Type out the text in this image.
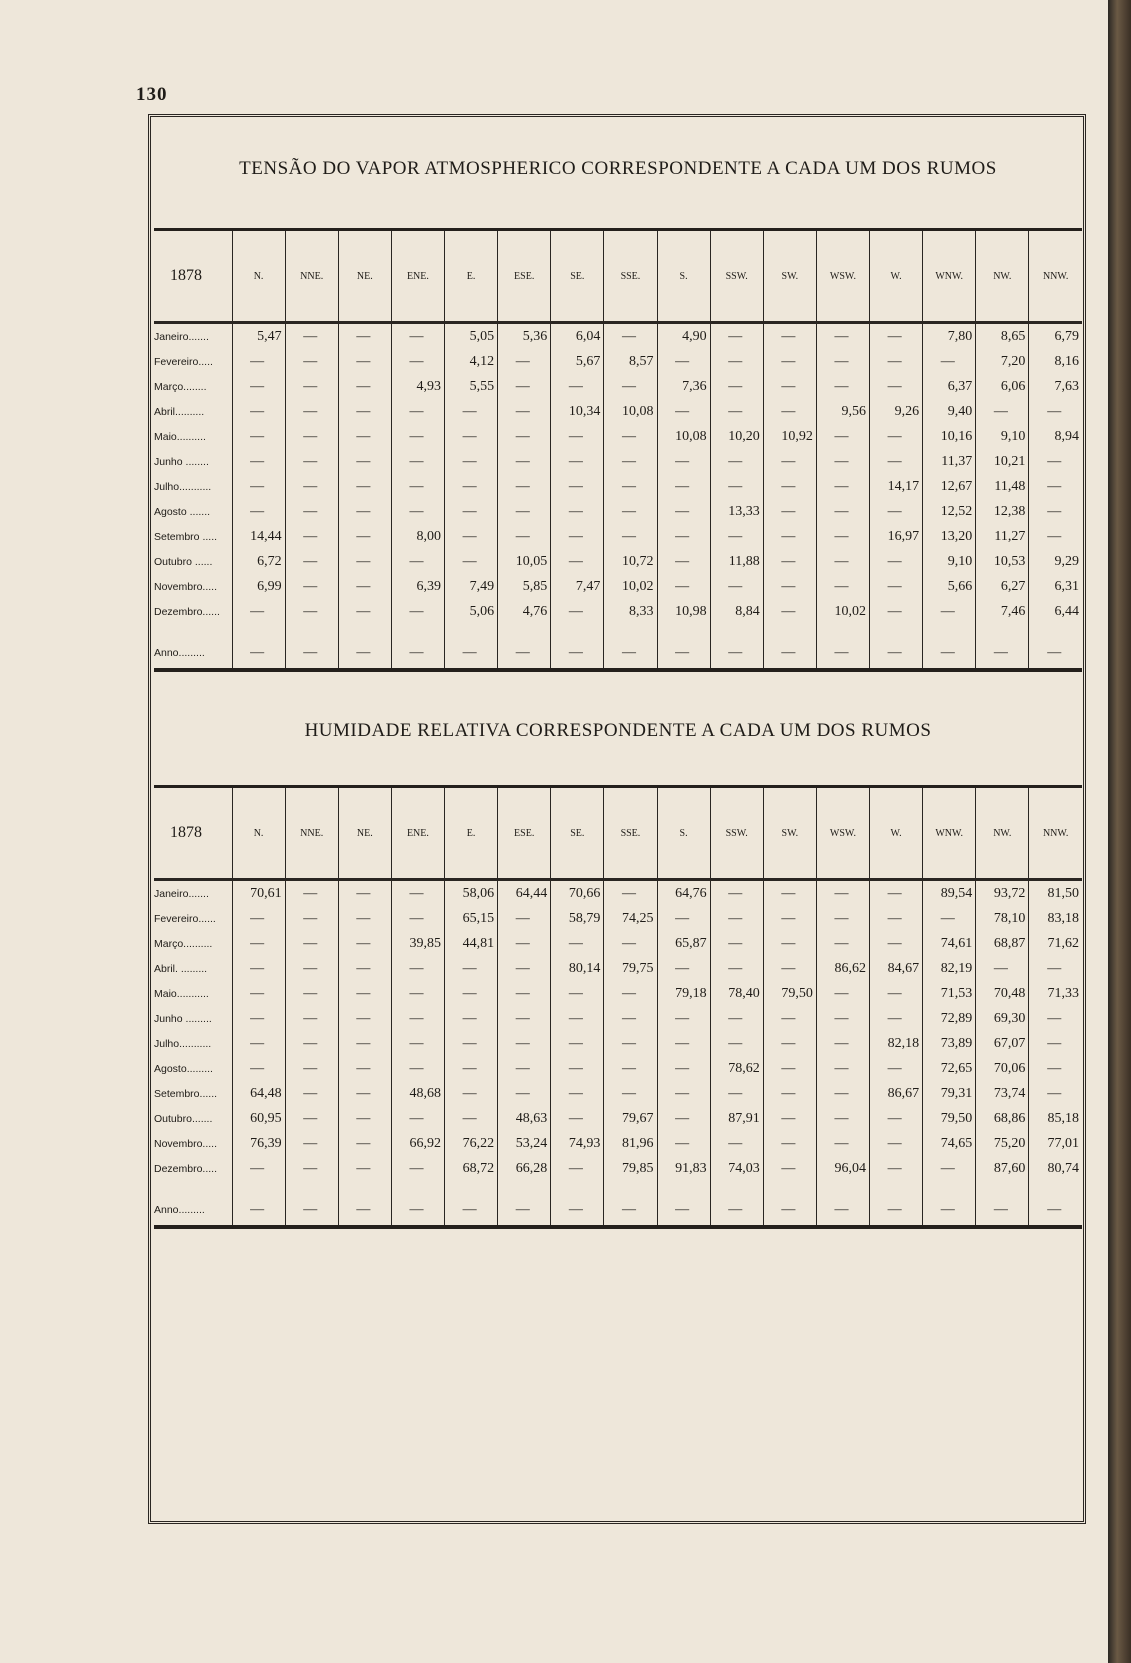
130
TENSÃO DO VAPOR ATMOSPHERICO CORRESPONDENTE A CADA UM DOS RUMOS
1878	N.	NNE.	NE.	ENE.	E.	ESE.	SE.	SSE.	S.	SSW.	SW.	WSW.	W.	WNW.	NW.	NNW.
Janeiro.......	5,47	—	—	—	5,05	5,36	6,04	—	4,90	—	—	—	—	7,80	8,65	6,79
Fevereiro.....	—	—	—	—	4,12	—	5,67	8,57	—	—	—	—	—	—	7,20	8,16
Março........	—	—	—	4,93	5,55	—	—	—	7,36	—	—	—	—	6,37	6,06	7,63
Abril..........	—	—	—	—	—	—	10,34	10,08	—	—	—	9,56	9,26	9,40	—	—
Maio..........	—	—	—	—	—	—	—	—	10,08	10,20	10,92	—	—	10,16	9,10	8,94
Junho ........	—	—	—	—	—	—	—	—	—	—	—	—	—	11,37	10,21	—
Julho...........	—	—	—	—	—	—	—	—	—	—	—	—	14,17	12,67	11,48	—
Agosto .......	—	—	—	—	—	—	—	—	—	13,33	—	—	—	12,52	12,38	—
Setembro .....	14,44	—	—	8,00	—	—	—	—	—	—	—	—	16,97	13,20	11,27	—
Outubro ......	6,72	—	—	—	—	10,05	—	10,72	—	11,88	—	—	—	9,10	10,53	9,29
Novembro.....	6,99	—	—	6,39	7,49	5,85	7,47	10,02	—	—	—	—	—	5,66	6,27	6,31
Dezembro......	—	—	—	—	5,06	4,76	—	8,33	10,98	8,84	—	10,02	—	—	7,46	6,44

Anno.........	—	—	—	—	—	—	—	—	—	—	—	—	—	—	—	—
HUMIDADE RELATIVA CORRESPONDENTE A CADA UM DOS RUMOS
1878	N.	NNE.	NE.	ENE.	E.	ESE.	SE.	SSE.	S.	SSW.	SW.	WSW.	W.	WNW.	NW.	NNW.
Janeiro.......	70,61	—	—	—	58,06	64,44	70,66	—	64,76	—	—	—	—	89,54	93,72	81,50
Fevereiro......	—	—	—	—	65,15	—	58,79	74,25	—	—	—	—	—	—	78,10	83,18
Março..........	—	—	—	39,85	44,81	—	—	—	65,87	—	—	—	—	74,61	68,87	71,62
Abril. .........	—	—	—	—	—	—	80,14	79,75	—	—	—	86,62	84,67	82,19	—	—
Maio...........	—	—	—	—	—	—	—	—	79,18	78,40	79,50	—	—	71,53	70,48	71,33
Junho .........	—	—	—	—	—	—	—	—	—	—	—	—	—	72,89	69,30	—
Julho...........	—	—	—	—	—	—	—	—	—	—	—	—	82,18	73,89	67,07	—
Agosto.........	—	—	—	—	—	—	—	—	—	78,62	—	—	—	72,65	70,06	—
Setembro......	64,48	—	—	48,68	—	—	—	—	—	—	—	—	86,67	79,31	73,74	—
Outubro.......	60,95	—	—	—	—	48,63	—	79,67	—	87,91	—	—	—	79,50	68,86	85,18
Novembro.....	76,39	—	—	66,92	76,22	53,24	74,93	81,96	—	—	—	—	—	74,65	75,20	77,01
Dezembro.....	—	—	—	—	68,72	66,28	—	79,85	91,83	74,03	—	96,04	—	—	87,60	80,74

Anno.........	—	—	—	—	—	—	—	—	—	—	—	—	—	—	—	—
